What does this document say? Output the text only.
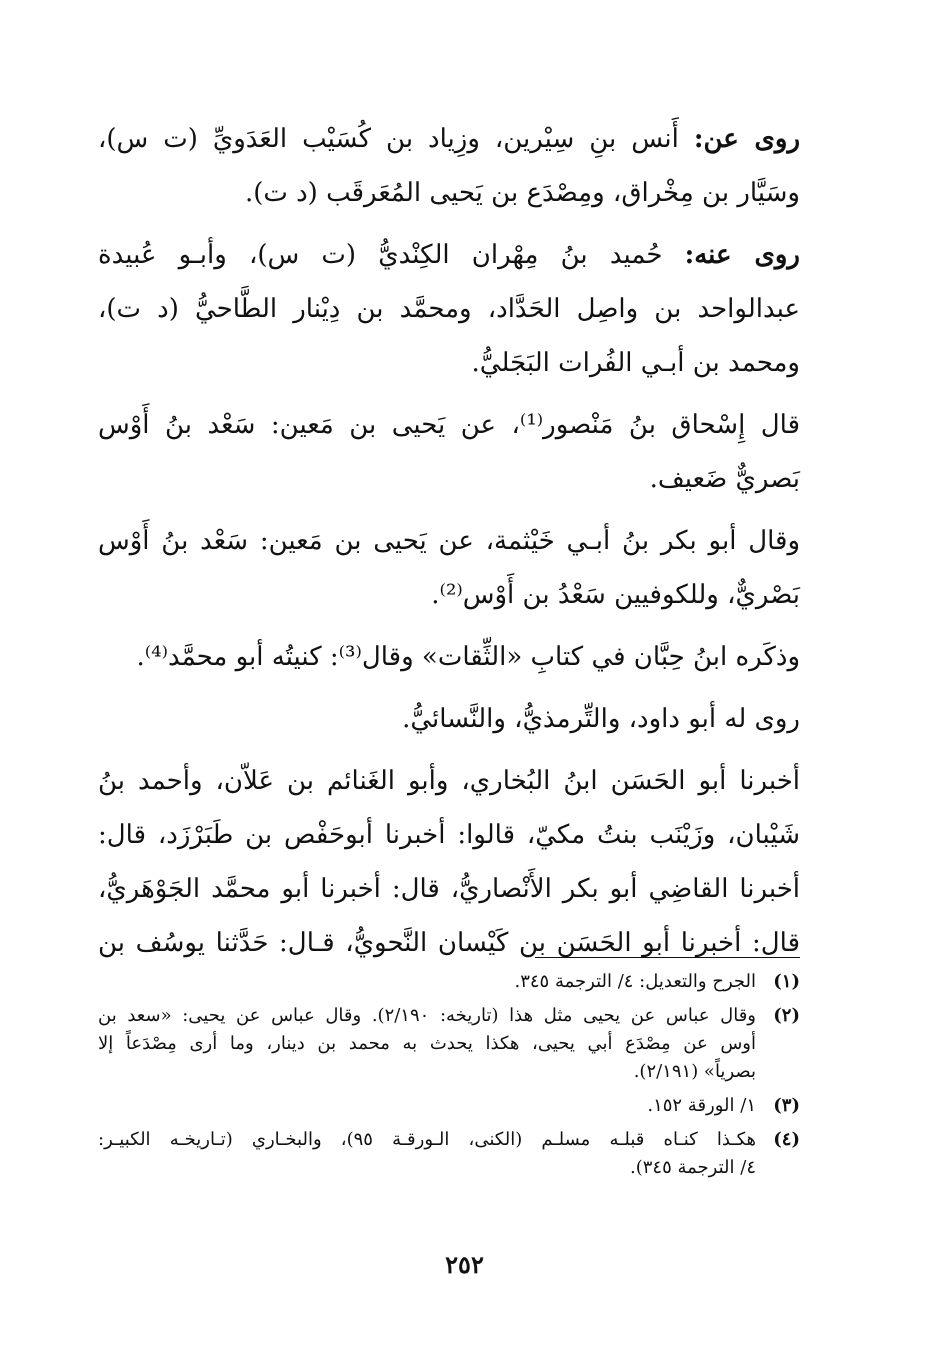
روى عن: أَنس بنِ سِيْرين، وزِياد بن كُسَيْب العَدَويِّ (ت س)،
وسَيَّار بن مِخْراق، ومِصْدَع بن يَحيى المُعَرقَب (د ت).
روى عنه: حُميد بنُ مِهْران الكِنْديُّ (ت س)، وأبـو عُبيدة
عبدالواحد بن واصِل الحَدَّاد، ومحمَّد بن دِيْنار الطَّاحيُّ (د ت)،
ومحمد بن أبـي الفُرات البَجَليُّ.
قال إِسْحاق بنُ مَنْصور⁽¹⁾، عن يَحيى بن مَعين: سَعْد بنُ أَوْس
بَصريٌّ ضَعيف.
وقال أبو بكر بنُ أبـي خَيْثمة، عن يَحيى بن مَعين: سَعْد بنُ أَوْس
بَصْريٌّ، وللكوفيين سَعْدُ بن أَوْس⁽²⁾.
وذكَره ابنُ حِبَّان في كتابِ «الثِّقات» وقال⁽³⁾: كنيتُه أبو محمَّد⁽⁴⁾.
روى له أبو داود، والتِّرمذيُّ، والنَّسائيُّ.
أخبرنا أبو الحَسَن ابنُ البُخاري، وأبو الغَنائم بن عَلاّن، وأحمد بنُ
شَيْبان، وزَيْنَب بنتُ مكيّ، قالوا: أخبرنا أبوحَفْص بن طَبَرْزَد، قال:
أخبرنا القاضِي أبو بكر الأَنْصاريُّ، قال: أخبرنا أبو محمَّد الجَوْهَريُّ،
قال: أخبرنا أبو الحَسَن بن كَيْسان النَّحويُّ، قـال: حَدَّثنا يوسُف بن
(١)
الجرح والتعديل: ٤/ الترجمة ٣٤٥.
(٢)
وقال عباس عن يحيى مثل هذا (تاريخه: ٢/١٩٠). وقال عباس عن يحيى: «سعد بن
أوس عن مِصْدَع أبي يحيى، هكذا يحدث به محمد بن دينار، وما أرى مِصْدَعاً إلا
بصرياً» (٢/١٩١).
(٣)
١/ الورقة ١٥٢.
(٤)
هكـذا كنـاه قبلـه مسلـم (الكنى، الـورقـة ٩٥)، والبخـاري (تـاريخـه الكبيـر:
٤/ الترجمة ٣٤٥).
٢٥٢
